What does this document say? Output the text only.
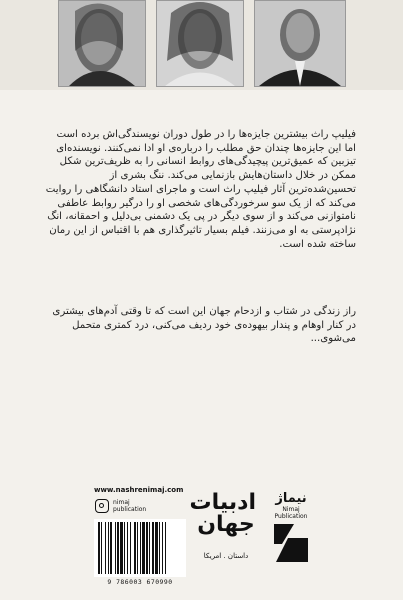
فیلیپ راث بیشترین جایزه‌ها را در طول دوران نویسندگی‌اش برده است اما این جایزه‌ها چندان حق مطلب را درباره‌ی او ادا نمی‌کنند. نویسنده‌ای تیزبین که عمیق‌ترین پیچیدگی‌های روابط انسانی را به ظریف‌ترین شکل ممکن در خلال داستان‌هایش بازنمایی می‌کند. ننگ بشری از تحسین‌شده‌ترین آثار فیلیپ راث است و ماجرای استاد دانشگاهی را روایت می‌کند که از یک سو سرخوردگی‌های شخصی او را درگیر روابط عاطفی نامتوازنی می‌کند و از سوی دیگر در پی یک دشمنی بی‌دلیل و احمقانه، انگ نژادپرستی به او می‌زنند. فیلم بسیار تاثیرگذاری هم با اقتباس از این رمان ساخته شده است.

راز زندگی در شتاب و ازدحام جهان این است که تا وقتی آدم‌های بیشتری در کنار اوهام و پندار بیهوده‌ی خود ردیف می‌کنی، درد کمتری متحمل می‌شوی...

www.nashrenimaj.com
nimaj
publication
9 786003 670990
ادبیات
جهان
داستان . امریکا
نیماژ
Nimaj
Publication
